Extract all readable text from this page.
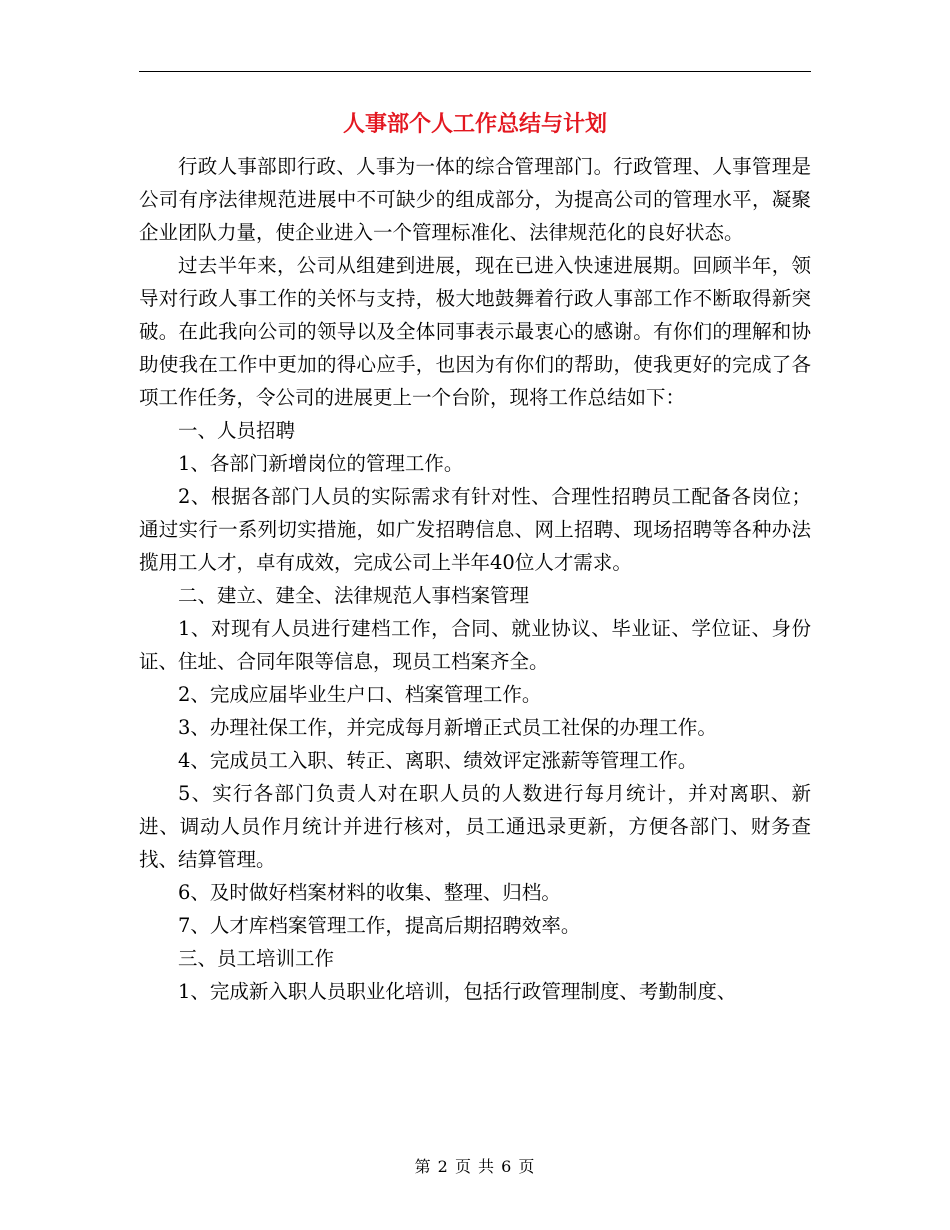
人事部个人工作总结与计划

行政人事部即行政、人事为一体的综合管理部门。行政管理、人事管理是公司有序法律规范进展中不可缺少的组成部分，为提高公司的管理水平，凝聚企业团队力量，使企业进入一个管理标准化、法律规范化的良好状态。

过去半年来，公司从组建到进展，现在已进入快速进展期。回顾半年，领导对行政人事工作的关怀与支持，极大地鼓舞着行政人事部工作不断取得新突破。在此我向公司的领导以及全体同事表示最衷心的感谢。有你们的理解和协助使我在工作中更加的得心应手，也因为有你们的帮助，使我更好的完成了各项工作任务，令公司的进展更上一个台阶，现将工作总结如下：

一、人员招聘

1、各部门新增岗位的管理工作。

2、根据各部门人员的实际需求有针对性、合理性招聘员工配备各岗位；通过实行一系列切实措施，如广发招聘信息、网上招聘、现场招聘等各种办法揽用工人才，卓有成效，完成公司上半年40位人才需求。

二、建立、建全、法律规范人事档案管理

1、对现有人员进行建档工作，合同、就业协议、毕业证、学位证、身份证、住址、合同年限等信息，现员工档案齐全。

2、完成应届毕业生户口、档案管理工作。

3、办理社保工作，并完成每月新增正式员工社保的办理工作。

4、完成员工入职、转正、离职、绩效评定涨薪等管理工作。

5、实行各部门负责人对在职人员的人数进行每月统计，并对离职、新进、调动人员作月统计并进行核对，员工通迅录更新，方便各部门、财务查找、结算管理。

6、及时做好档案材料的收集、整理、归档。

7、人才库档案管理工作，提高后期招聘效率。

三、员工培训工作

1、完成新入职人员职业化培训，包括行政管理制度、考勤制度、

第 2 页 共 6 页
